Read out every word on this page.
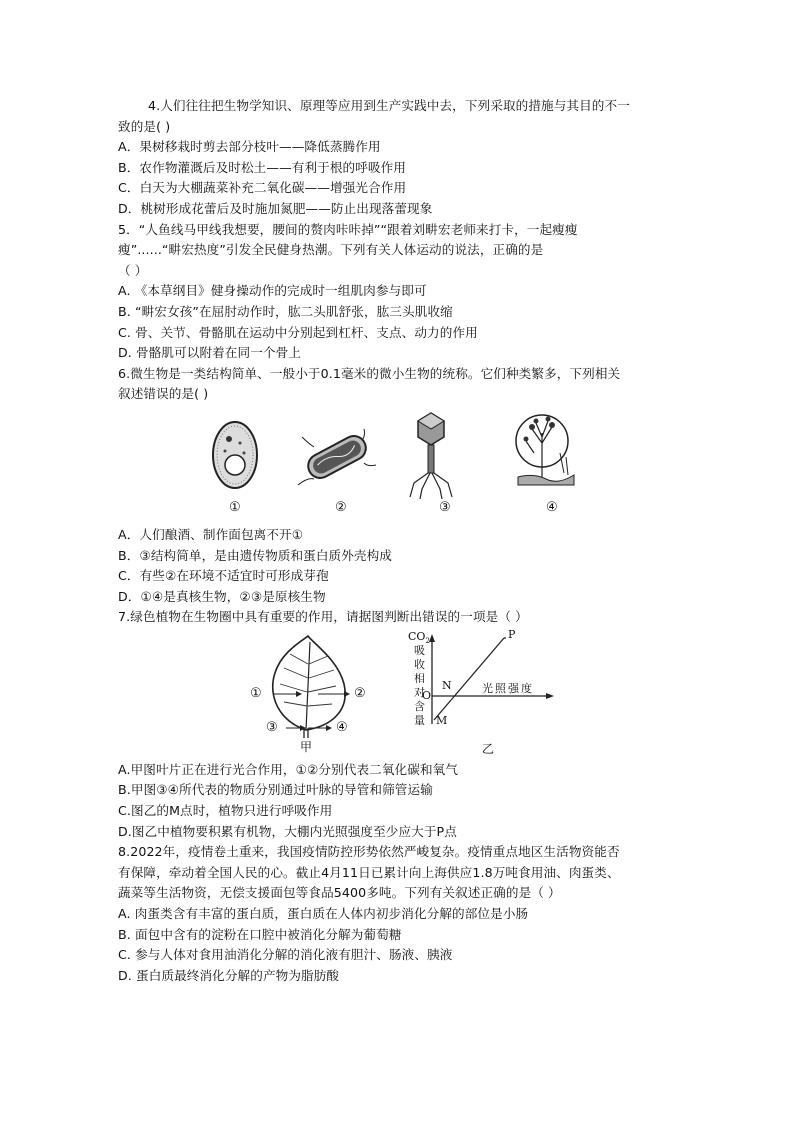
4.人们往往把生物学知识、原理等应用到生产实践中去，下列采取的措施与其目的不一
致的是( )
A．果树移栽时剪去部分枝叶——降低蒸腾作用
B．农作物灌溉后及时松土——有利于根的呼吸作用
C．白天为大棚蔬菜补充二氧化碳——增强光合作用
D．桃树形成花蕾后及时施加氮肥——防止出现落蕾现象
5．“人鱼线马甲线我想要，腰间的赘肉咔咔掉”“跟着刘畊宏老师来打卡，一起瘦瘦
瘦”......“畊宏热度”引发全民健身热潮。下列有关人体运动的说法，正确的是
（ ）
A. 《本草纲目》健身操动作的完成时一组肌肉参与即可
B. “畊宏女孩”在屈肘动作时，肱二头肌舒张，肱三头肌收缩
C. 骨、关节、骨骼肌在运动中分别起到杠杆、支点、动力的作用
D. 骨骼肌可以附着在同一个骨上
6.微生物是一类结构简单、一般小于0.1毫米的微小生物的统称。它们种类繁多，下列相关
叙述错误的是( )
①	②	③	④
A．人们酿酒、制作面包离不开①
B．③结构简单，是由遗传物质和蛋白质外壳构成
C．有些②在环境不适宜时可形成芽孢
D．①④是真核生物，②③是原核生物
7.绿色植物在生物圈中具有重要的作用，请据图判断出错误的一项是（ ）
①	②
③	④
甲
$CO_2$
吸
收
相
对
含
量
P
N
O
M
光照强度
乙
A.甲图叶片正在进行光合作用，①②分别代表二氧化碳和氧气
B.甲图③④所代表的物质分别通过叶脉的导管和筛管运输
C.图乙的M点时，植物只进行呼吸作用
D.图乙中植物要积累有机物，大棚内光照强度至少应大于P点
8.2022年，疫情卷土重来，我国疫情防控形势依然严峻复杂。疫情重点地区生活物资能否
有保障，牵动着全国人民的心。截止4月11日已累计向上海供应1.8万吨食用油、肉蛋类、
蔬菜等生活物资，无偿支援面包等食品5400多吨。下列有关叙述正确的是（ ）
A. 肉蛋类含有丰富的蛋白质，蛋白质在人体内初步消化分解的部位是小肠
B. 面包中含有的淀粉在口腔中被消化分解为葡萄糖
C. 参与人体对食用油消化分解的消化液有胆汁、肠液、胰液
D. 蛋白质最终消化分解的产物为脂肪酸
